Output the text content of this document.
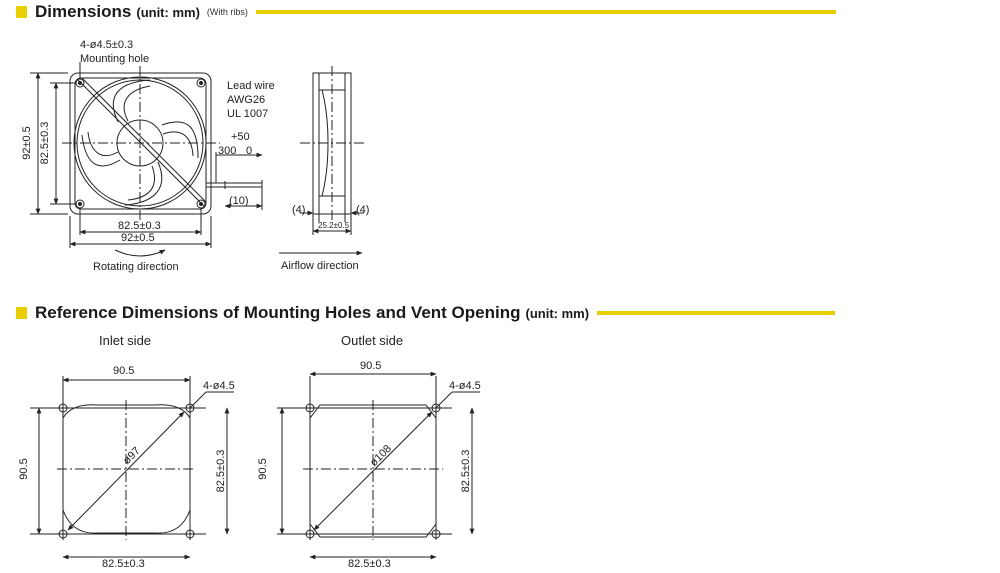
Dimensions (unit: mm) (With ribs)
Reference Dimensions of Mounting Holes and Vent Opening (unit: mm)
4-ø4.5±0.3
Mounting hole
Lead wire
AWG26
UL 1007
+50
300 0
(10)
82.5±0.3
92±0.5
Rotating direction	Airflow direction
(4)	(4)
25.2±0.5
92±0.5 82.5±0.3
Inlet side
90.5
4-ø4.5
ø97
90.5	82.5±0.3
82.5±0.3
Outlet side
90.5
4-ø4.5
ø108
90.5	82.5±0.3
82.5±0.3
